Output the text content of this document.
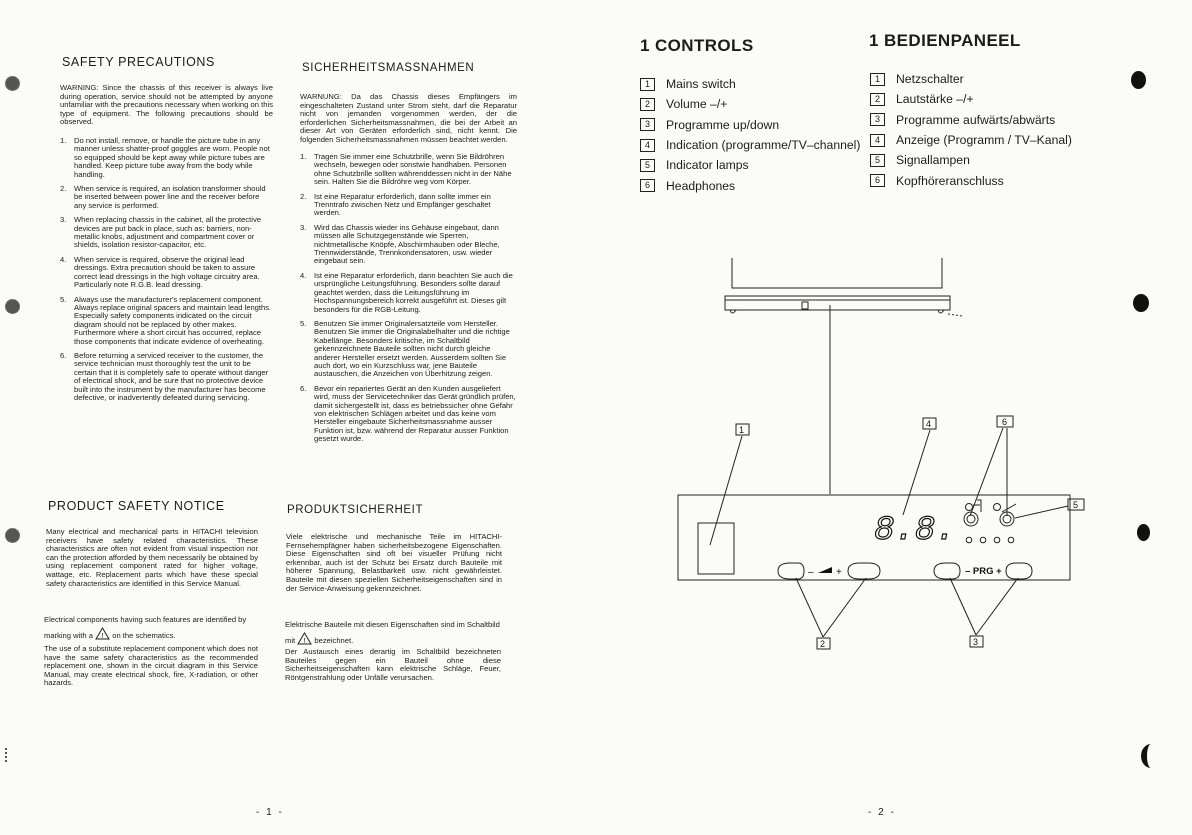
SAFETY PRECAUTIONS
WARNING: Since the chassis of this receiver is always live during operation, service should not be attempted by anyone unfamiliar with the precautions necessary when working on this type of equipment. The following precautions should be observed.
1. Do not install, remove, or handle the picture tube in any manner unless shatter-proof goggles are worn. People not so equipped should be kept away while picture tubes are handled. Keep picture tube away from the body while handling.
2. When service is required, an isolation transformer should be inserted between power line and the receiver before any service is performed.
3. When replacing chassis in the cabinet, all the protective devices are put back in place, such as: barriers, non-metallic knobs, adjustment and compartment cover or shields, isolation resistor-capacitor, etc.
4. When service is required, observe the original lead dressings. Extra precaution should be taken to assure correct lead dressings in the high voltage circuitry area. Particularly note R.G.B. lead dressing.
5. Always use the manufacturer's replacement component. Always replace original spacers and maintain lead lengths. Especially safety components indicated on the circuit diagram should not be replaced by other makes. Furthermore where a short circuit has occurred, replace those components that indicate evidence of overheating.
6. Before returning a serviced receiver to the customer, the service technician must thoroughly test the unit to be certain that it is completely safe to operate without danger of electrical shock, and be sure that no protective device built into the instrument by the manufacturer has become defective, or inadvertently defeated during servicing.
SICHERHEITSMASSNAHMEN
WARNUNG: Da das Chassis dieses Empfängers im eingeschalteten Zustand unter Strom steht, darf die Reparatur nicht von jemanden vorgenommen werden, der die erforderlichen Sicherheitsmassnahmen, die bei der Arbeit an dieser Art von Geräten erforderlich sind, nicht kennt. Die folgenden Sicherheitsmassnahmen müssen beachtet werden.
1. Tragen Sie immer eine Schutzbrille, wenn Sie Bildröhren wechseln, bewegen oder sonstwie handhaben. Personen ohne Schutzbrille sollten währenddessen nicht in der Nähe sein. Halten Sie die Bildröhre weg vom Körper.
2. Ist eine Reparatur erforderlich, dann sollte immer ein Trenntrafo zwischen Netz und Empfänger geschaltet werden.
3. Wird das Chassis wieder ins Gehäuse eingebaut, dann müssen alle Schutzgegenstände wie Sperren, nichtmetallische Knöpfe, Abschirmhauben oder Bleche, Trennwiderstände, Trennkondensatoren, usw. wieder eingebaut sein.
4. Ist eine Reparatur erforderlich, dann beachten Sie auch die ursprüngliche Leitungsführung. Besonders sollte darauf geachtet werden, dass die Leitungsführung im Hochspannungsbereich korrekt ausgeführt ist. Dieses gilt besonders für die RGB-Leitung.
5. Benutzen Sie immer Originalersatzteile vom Hersteller. Benutzen Sie immer die Originalabelhalter und die richtige Kabellänge. Besonders kritische, im Schaltbild gekennzeichnete Bauteile sollten nicht durch gleiche anderer Hersteller ersetzt werden. Ausserdem sollten Sie auch dort, wo ein Kurzschluss war, jene Bauteile austauschen, die Anzeichen von Überhitzung zeigen.
6. Bevor ein repariertes Gerät an den Kunden ausgeliefert wird, muss der Servicetechniker das Gerät gründlich prüfen, damit sichergestellt ist, dass es betriebssicher ohne Gefahr von elektrischen Schlägen arbeitet und das keine vom Hersteller eingebaute Sicherheitsmassnahme ausser Funktion ist, bzw. während der Reparatur ausser Funktion gesetzt wurde.
PRODUCT SAFETY NOTICE
Many electrical and mechanical parts in HITACHI television receivers have safety related characteristics. These characteristics are often not evident from visual inspection nor can the protection afforded by them necessarily be obtained by using replacement component rated for higher voltage, wattage, etc. Replacement parts which have these special safety characteristics are identified in this Service Manual.
Electrical components having such features are identified by marking with a ! on the schematics.
The use of a substitute replacement component which does not have the same safety characteristics as the recommended replacement one, shown in the circuit diagram in this Service Manual, may create electrical shock, fire, X-radiation, or other hazards.
PRODUKTSICHERHEIT
Viele elektrische und mechanische Teile im HITACHI-Fernsehempfägner haben sicherheitsbezogene Eigenschaften. Diese Eigenschaften sind oft bei visueller Prüfung nicht erkennbar, auch ist der Schutz bei Ersatz durch Bauteile mit höherer Spannung, Belastbarkeit usw. nicht gewährleistet. Bauteile mit diesen speziellen Sicherheitseigenschaften sind in der Service-Anweisung gekennzeichnet.
Elektrische Bauteile mit diesen Eigenschaften sind im Schaltbild mit ! bezeichnet.
Der Austausch eines derartig im Schaltbild bezeichneten Bauteiles gegen ein Bauteil ohne diese Sicherheitseigenschaften kann elektrische Schläge, Feuer, Röntgenstrahlung oder Unfälle verursachen.
- 1 -
1 CONTROLS
1	Mains switch
2	Volume –/+
3	Programme up/down
4	Indication (programme/TV–channel)
5	Indicator lamps
6	Headphones
1 BEDIENPANEEL
1	Netzschalter
2	Lautstärke –/+
3	Programme aufwärts/abwärts
4	Anzeige (Programm / TV–Kanal)
5	Signallampen
6	Kopfhöreranschluss
8.8.
1
4	6
5
2	3
– +	– PRG +
- 2 -
